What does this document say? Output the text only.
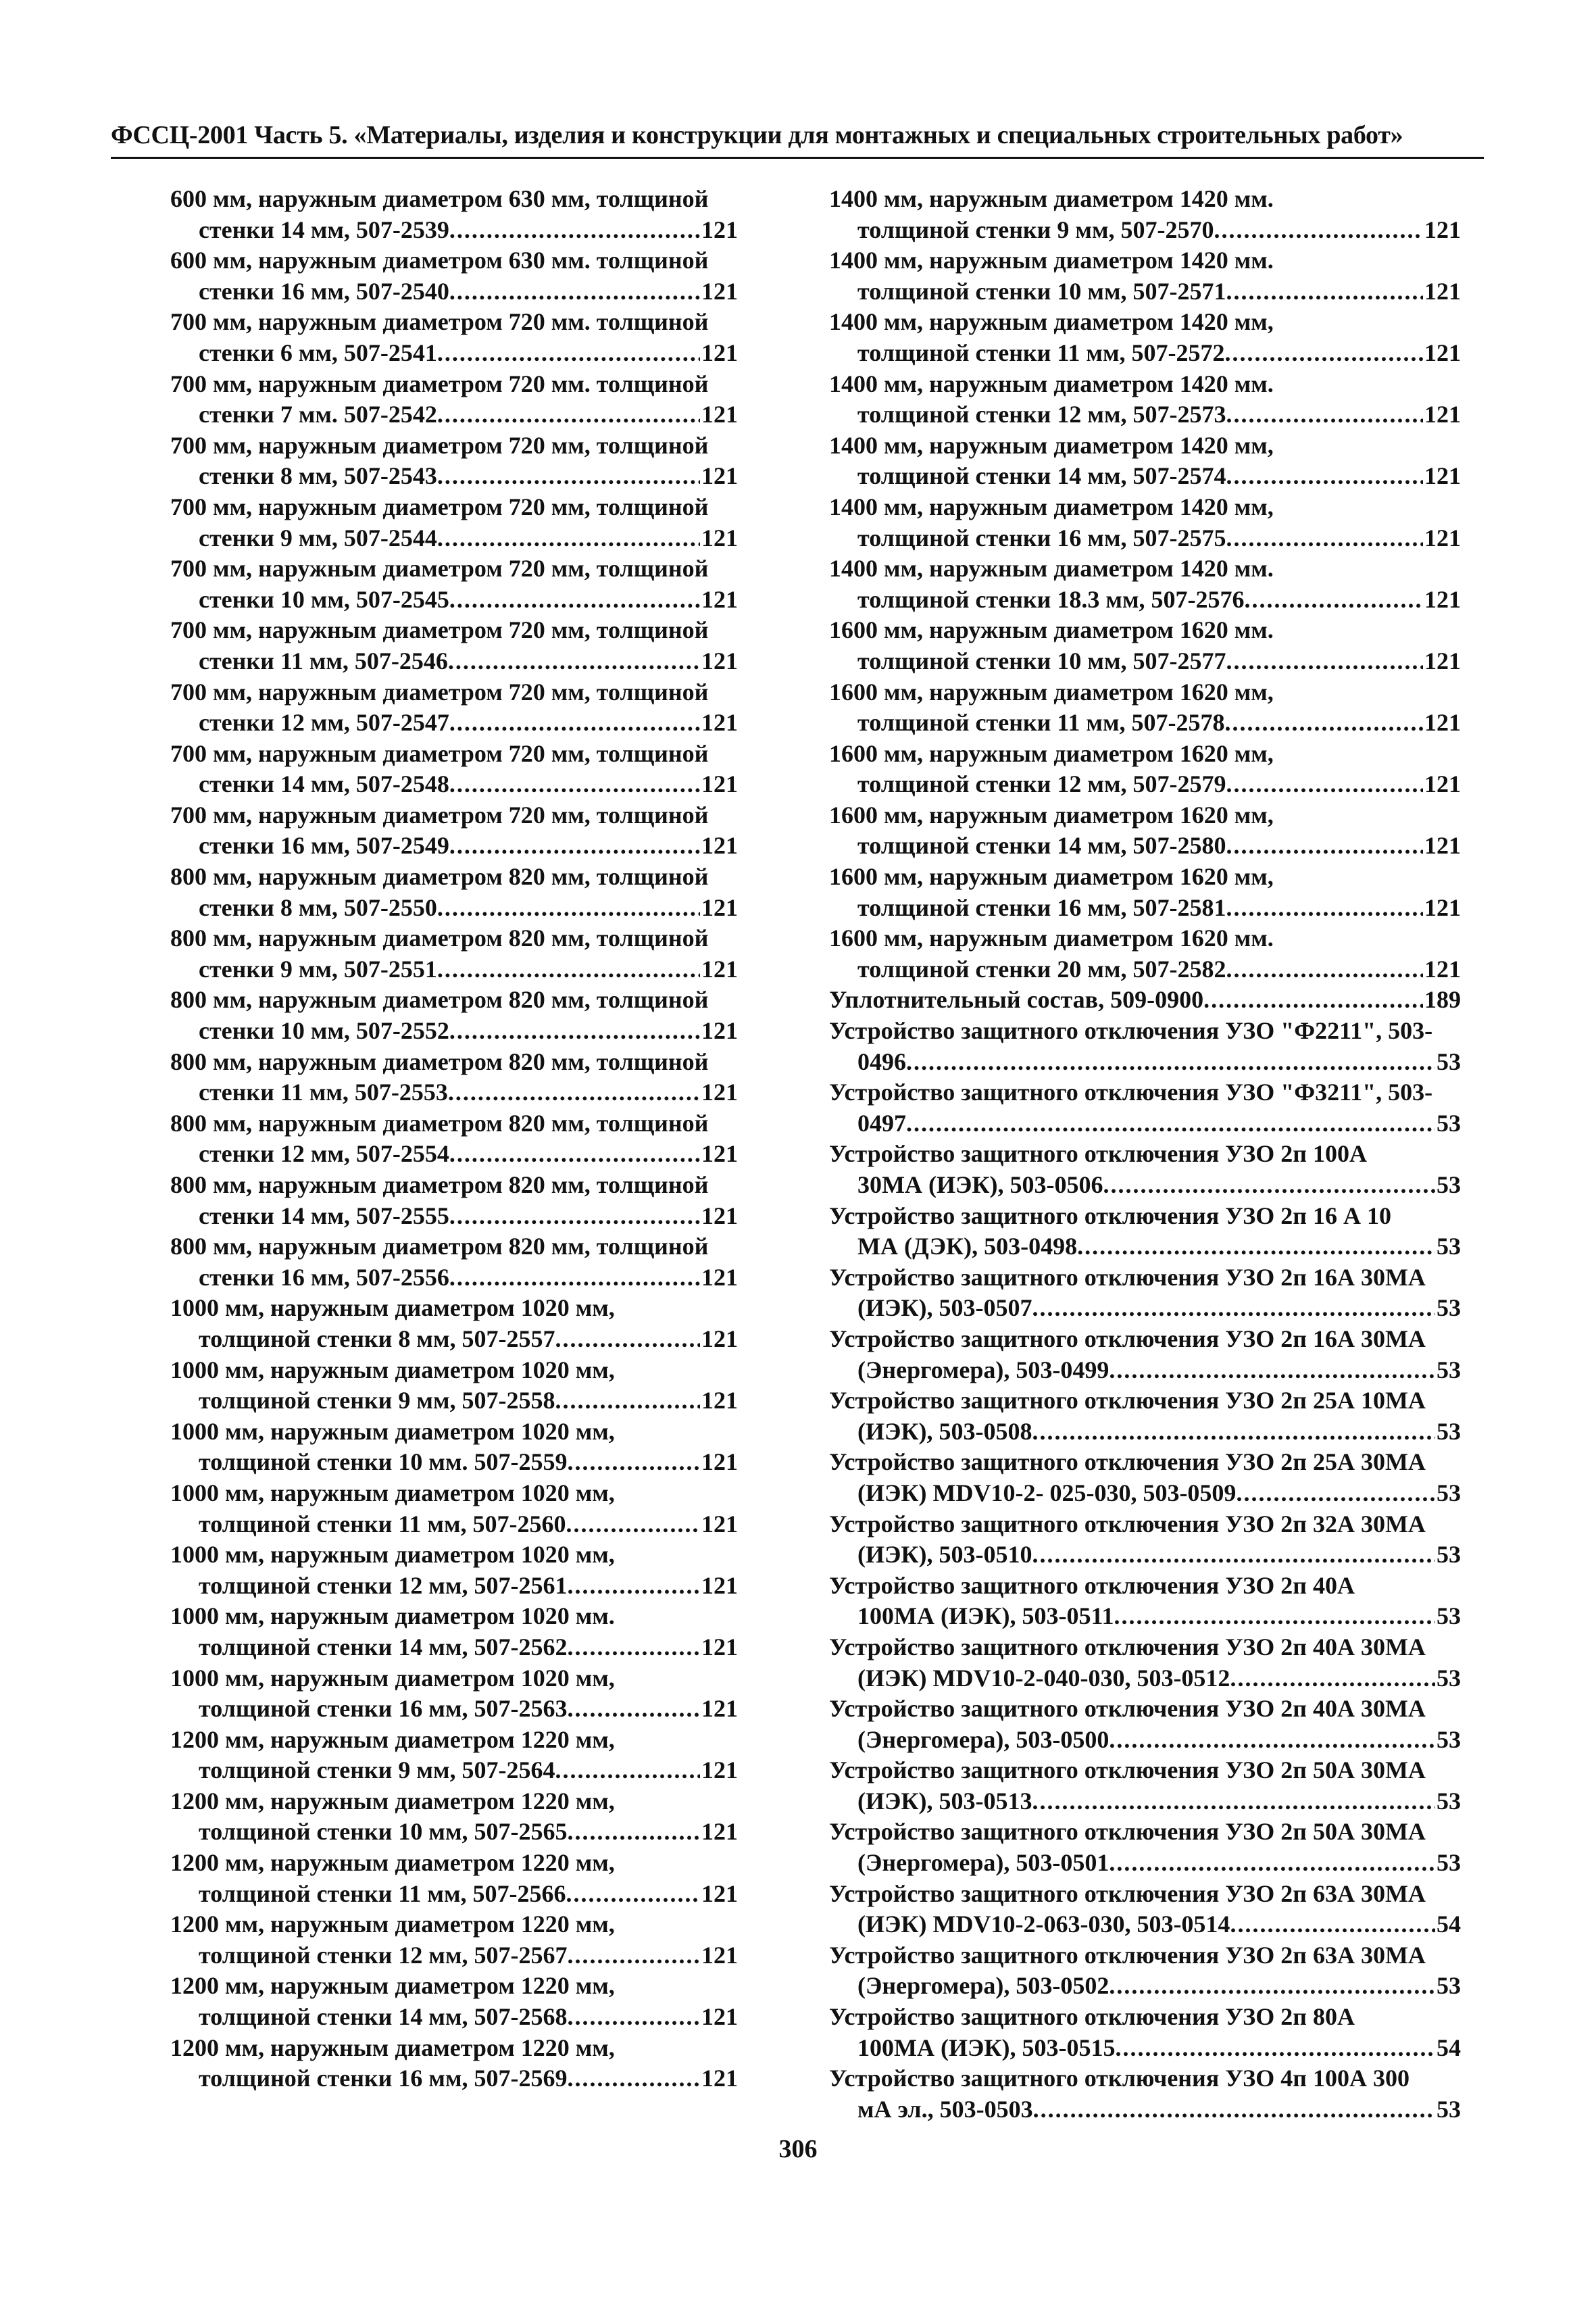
ФССЦ-2001 Часть 5. «Материалы, изделия и конструкции для монтажных и специальных строительных работ»
600 мм, наружным диаметром 630 мм, толщиной
стенки 14 мм, 507-2539 .....	121
600 мм, наружным диаметром 630 мм. толщиной
стенки 16 мм, 507-2540 .....	121
700 мм, наружным диаметром 720 мм. толщиной
стенки 6 мм, 507-2541 .....	121
700 мм, наружным диаметром 720 мм. толщиной
стенки 7 мм. 507-2542 .....	121
700 мм, наружным диаметром 720 мм, толщиной
стенки 8 мм, 507-2543 .....	121
700 мм, наружным диаметром 720 мм, толщиной
стенки 9 мм, 507-2544 .....	121
700 мм, наружным диаметром 720 мм, толщиной
стенки 10 мм, 507-2545 .....	121
700 мм, наружным диаметром 720 мм, толщиной
стенки 11 мм, 507-2546 .....	121
700 мм, наружным диаметром 720 мм, толщиной
стенки 12 мм, 507-2547 .....	121
700 мм, наружным диаметром 720 мм, толщиной
стенки 14 мм, 507-2548 .....	121
700 мм, наружным диаметром 720 мм, толщиной
стенки 16 мм, 507-2549 .....	121
800 мм, наружным диаметром 820 мм, толщиной
стенки 8 мм, 507-2550 .....	121
800 мм, наружным диаметром 820 мм, толщиной
стенки 9 мм, 507-2551 .....	121
800 мм, наружным диаметром 820 мм, толщиной
стенки 10 мм, 507-2552 .....	121
800 мм, наружным диаметром 820 мм, толщиной
стенки 11 мм, 507-2553 .....	121
800 мм, наружным диаметром 820 мм, толщиной
стенки 12 мм, 507-2554 .....	121
800 мм, наружным диаметром 820 мм, толщиной
стенки 14 мм, 507-2555 .....	121
800 мм, наружным диаметром 820 мм, толщиной
стенки 16 мм, 507-2556 .....	121
1000 мм, наружным диаметром 1020 мм,
толщиной стенки 8 мм, 507-2557 .....	121
1000 мм, наружным диаметром 1020 мм,
толщиной стенки 9 мм, 507-2558 .....	121
1000 мм, наружным диаметром 1020 мм,
толщиной стенки 10 мм. 507-2559 .....	121
1000 мм, наружным диаметром 1020 мм,
толщиной стенки 11 мм, 507-2560 .....	121
1000 мм, наружным диаметром 1020 мм,
толщиной стенки 12 мм, 507-2561 .....	121
1000 мм, наружным диаметром 1020 мм.
толщиной стенки 14 мм, 507-2562 .....	121
1000 мм, наружным диаметром 1020 мм,
толщиной стенки 16 мм, 507-2563 .....	121
1200 мм, наружным диаметром 1220 мм,
толщиной стенки 9 мм, 507-2564 .....	121
1200 мм, наружным диаметром 1220 мм,
толщиной стенки 10 мм, 507-2565 .....	121
1200 мм, наружным диаметром 1220 мм,
толщиной стенки 11 мм, 507-2566 .....	121
1200 мм, наружным диаметром 1220 мм,
толщиной стенки 12 мм, 507-2567 .....	121
1200 мм, наружным диаметром 1220 мм,
толщиной стенки 14 мм, 507-2568 .....	121
1200 мм, наружным диаметром 1220 мм,
толщиной стенки 16 мм, 507-2569 .....	121
1400 мм, наружным диаметром 1420 мм.
толщиной стенки 9 мм, 507-2570 .....	121
1400 мм, наружным диаметром 1420 мм.
толщиной стенки 10 мм, 507-2571 .....	121
1400 мм, наружным диаметром 1420 мм,
толщиной стенки 11 мм, 507-2572 .....	121
1400 мм, наружным диаметром 1420 мм.
толщиной стенки 12 мм, 507-2573 .....	121
1400 мм, наружным диаметром 1420 мм,
толщиной стенки 14 мм, 507-2574 .....	121
1400 мм, наружным диаметром 1420 мм,
толщиной стенки 16 мм, 507-2575 .....	121
1400 мм, наружным диаметром 1420 мм.
толщиной стенки 18.3 мм, 507-2576 .....	121
1600 мм, наружным диаметром 1620 мм.
толщиной стенки 10 мм, 507-2577 .....	121
1600 мм, наружным диаметром 1620 мм,
толщиной стенки 11 мм, 507-2578 .....	121
1600 мм, наружным диаметром 1620 мм,
толщиной стенки 12 мм, 507-2579 .....	121
1600 мм, наружным диаметром 1620 мм,
толщиной стенки 14 мм, 507-2580 .....	121
1600 мм, наружным диаметром 1620 мм,
толщиной стенки 16 мм, 507-2581 .....	121
1600 мм, наружным диаметром 1620 мм.
толщиной стенки 20 мм, 507-2582 .....	121
Уплотнительный состав, 509-0900 .....	189
Устройство защитного отключения УЗО "Ф2211", 503-
0496 .....	53
Устройство защитного отключения УЗО "Ф3211", 503-
0497 .....	53
Устройство защитного отключения УЗО 2п 100А
30МА (ИЭК), 503-0506 .....	53
Устройство защитного отключения УЗО 2п 16 А 10
МА (ДЭК), 503-0498 .....	53
Устройство защитного отключения УЗО 2п 16А 30МА
(ИЭК), 503-0507 .....	53
Устройство защитного отключения УЗО 2п 16А 30МА
(Энергомера), 503-0499 .....	53
Устройство защитного отключения УЗО 2п 25А 10МА
(ИЭК), 503-0508 .....	53
Устройство защитного отключения УЗО 2п 25А 30МА
(ИЭК) MDV10-2- 025-030, 503-0509 .....	53
Устройство защитного отключения УЗО 2п 32А 30МА
(ИЭК), 503-0510 .....	53
Устройство защитного отключения УЗО 2п 40А
100МА (ИЭК), 503-0511 .....	53
Устройство защитного отключения УЗО 2п 40А 30МА
(ИЭК) MDV10-2-040-030, 503-0512 .....	53
Устройство защитного отключения УЗО 2п 40А 30МА
(Энергомера), 503-0500 .....	53
Устройство защитного отключения УЗО 2п 50А 30МА
(ИЭК), 503-0513 .....	53
Устройство защитного отключения УЗО 2п 50А 30МА
(Энергомера), 503-0501 .....	53
Устройство защитного отключения УЗО 2п 63А 30МА
(ИЭК) MDV10-2-063-030, 503-0514 .....	54
Устройство защитного отключения УЗО 2п 63А 30МА
(Энергомера), 503-0502 .....	53
Устройство защитного отключения УЗО 2п 80А
100МА (ИЭК), 503-0515 .....	54
Устройство защитного отключения УЗО 4п 100А 300
мА эл., 503-0503 .....	53
306
